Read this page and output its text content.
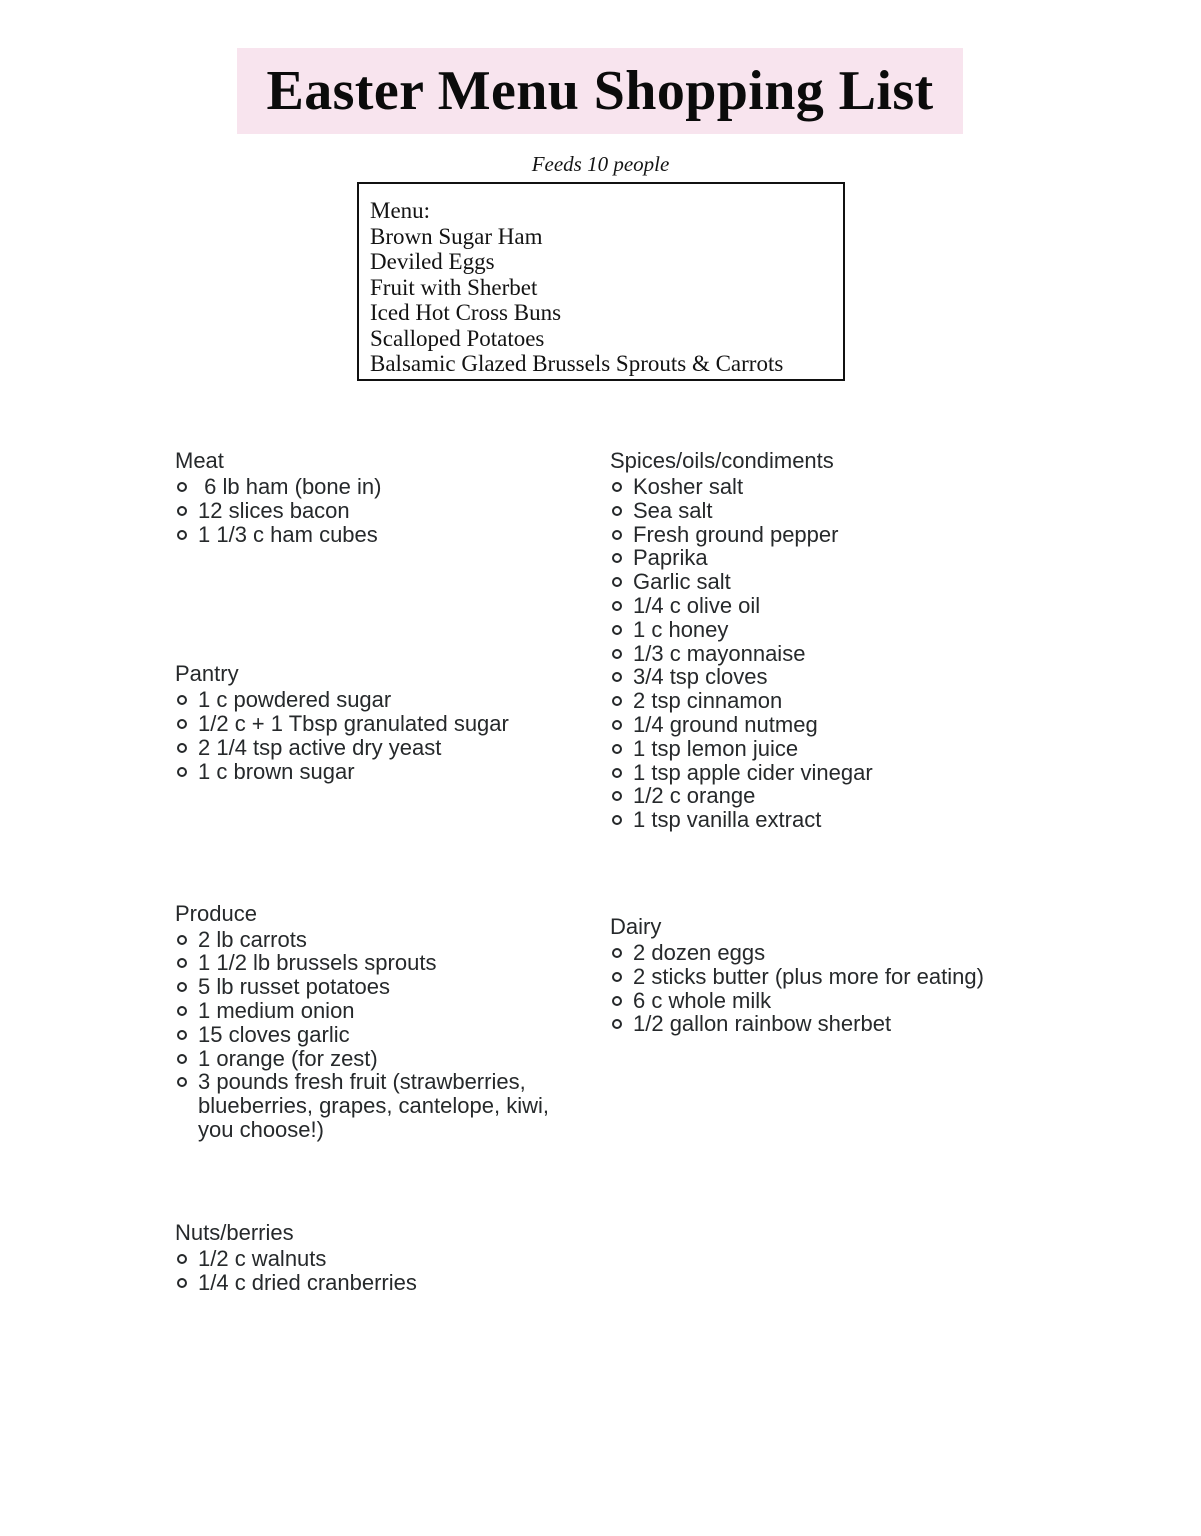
Easter Menu Shopping List
Feeds 10 people
Menu:
Brown Sugar Ham
Deviled Eggs
Fruit with Sherbet
Iced Hot Cross Buns
Scalloped Potatoes
Balsamic Glazed Brussels Sprouts & Carrots
Meat
6 lb ham (bone in)
12 slices bacon
1 1/3 c ham cubes
Pantry
1 c powdered sugar
1/2 c + 1 Tbsp granulated sugar
2 1/4 tsp active dry yeast
1 c brown sugar
Produce
2 lb carrots
1 1/2 lb brussels sprouts
5 lb russet potatoes
1 medium onion
15 cloves garlic
1 orange (for zest)
3 pounds fresh fruit (strawberries, blueberries, grapes, cantelope, kiwi, you choose!)
Nuts/berries
1/2 c walnuts
1/4 c dried cranberries
Spices/oils/condiments
Kosher salt
Sea salt
Fresh ground pepper
Paprika
Garlic salt
1/4 c olive oil
1 c honey
1/3 c mayonnaise
3/4 tsp cloves
2 tsp cinnamon
1/4 ground nutmeg
1 tsp lemon juice
1 tsp apple cider vinegar
1/2 c orange
1 tsp vanilla extract
Dairy
2 dozen eggs
2 sticks butter (plus more for eating)
6 c whole milk
1/2 gallon rainbow sherbet
